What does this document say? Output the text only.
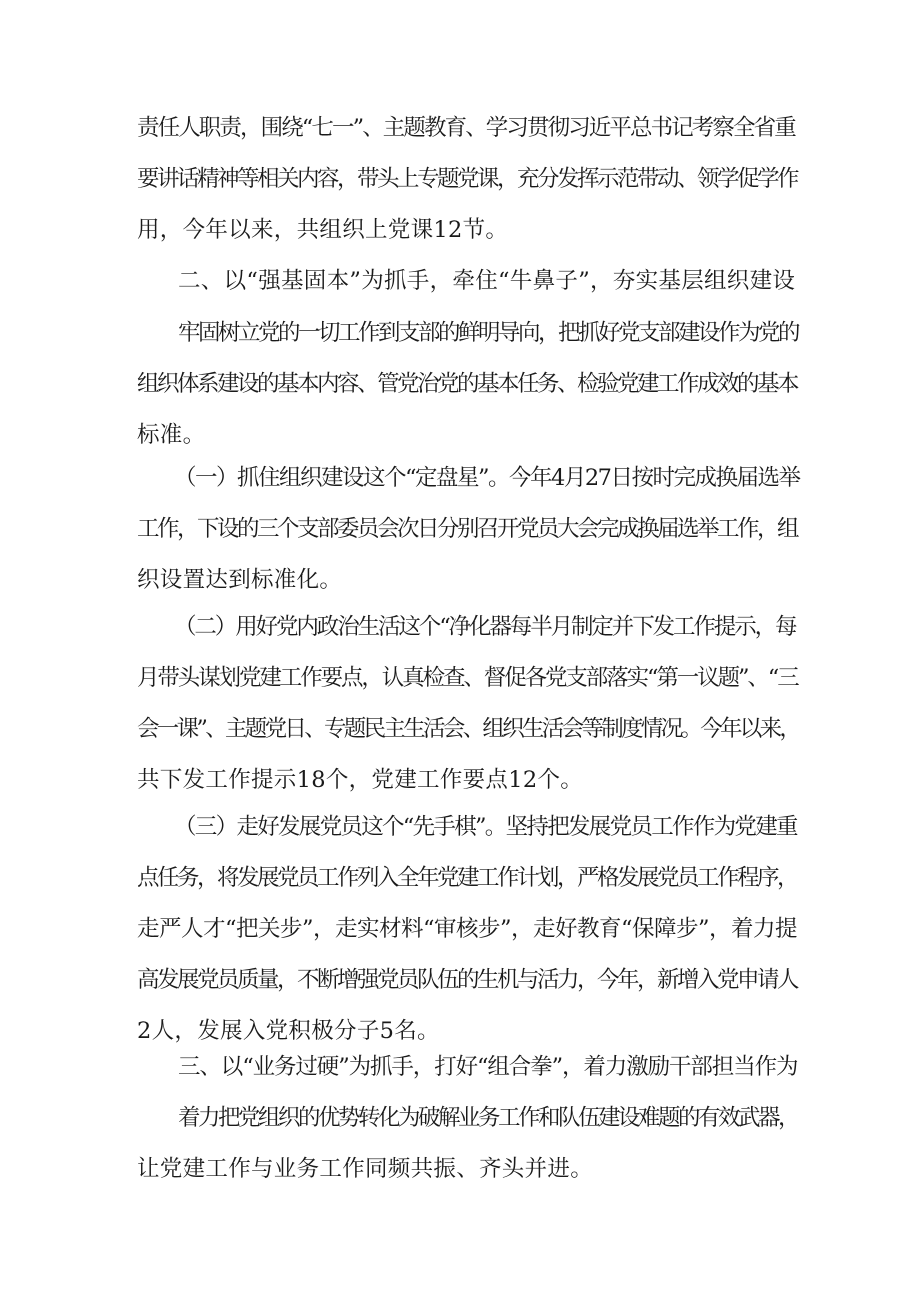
责任人职责，围绕“七一”、主题教育、学习贯彻习近平总书记考察全省重
要讲话精神等相关内容，带头上专题党课，充分发挥示范带动、领学促学作
用，今年以来，共组织上党课12节。
二、以“强基固本”为抓手，牵住“牛鼻子”，夯实基层组织建设
牢固树立党的一切工作到支部的鲜明导向，把抓好党支部建设作为党的
组织体系建设的基本内容、管党治党的基本任务、检验党建工作成效的基本
标准。
（一）抓住组织建设这个“定盘星”。今年4月27日按时完成换届选举
工作，下设的三个支部委员会次日分别召开党员大会完成换届选举工作，组
织设置达到标准化。
（二）用好党内政治生活这个“净化器每半月制定并下发工作提示，每
月带头谋划党建工作要点，认真检查、督促各党支部落实“第一议题”、“三
会一课”、主题党日、专题民主生活会、组织生活会等制度情况。今年以来，
共下发工作提示18个，党建工作要点12个。
（三）走好发展党员这个“先手棋”。坚持把发展党员工作作为党建重
点任务，将发展党员工作列入全年党建工作计划，严格发展党员工作程序，
走严人才“把关步”，走实材料“审核步”，走好教育“保障步”，着力提
高发展党员质量，不断增强党员队伍的生机与活力，今年，新增入党申请人
2人，发展入党积极分子5名。
三、以“业务过硬”为抓手，打好“组合拳”，着力激励干部担当作为
着力把党组织的优势转化为破解业务工作和队伍建设难题的有效武器，
让党建工作与业务工作同频共振、齐头并进。
